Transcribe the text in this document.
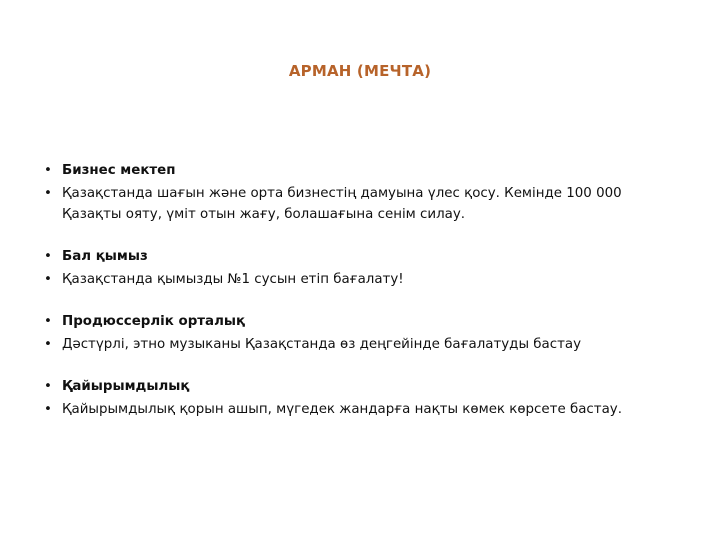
АРМАН (МЕЧТА)
• Бизнес мектеп
• Қазақстанда шағын және орта бизнестің дамуына үлес қосу. Кемінде 100 000 Қазақты ояту, үміт отын жағу, болашағына сенім силау.
• Бал қымыз
• Қазақстанда қымызды №1 сусын етіп бағалату!
• Продюссерлік орталық
• Дәстүрлі, этно музыканы Қазақстанда өз деңгейінде бағалатуды бастау
• Қайырымдылық
• Қайырымдылық қорын ашып, мүгедек жандарға нақты көмек көрсете бастау.
